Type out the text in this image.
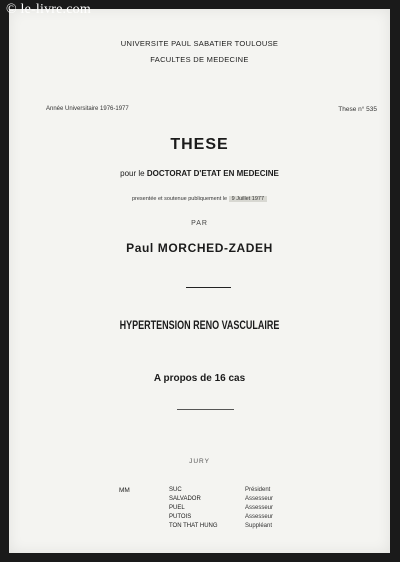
© le-livre.com
UNIVERSITE PAUL SABATIER TOULOUSE
FACULTES DE MEDECINE
Année Universitaire 1976-1977	These n° 535
THESE
pour le DOCTORAT D'ETAT EN MEDECINE
presentée et soutenue publiquement le 9 Juillet 1977
PAR
Paul MORCHED-ZADEH
HYPERTENSION RENO VASCULAIRE
A propos de 16 cas
JURY
MM	SUC	Président
SALVADOR	Assesseur
PUEL	Assesseur
PUTOIS	Assesseur
TON THAT HUNG	Suppléant
